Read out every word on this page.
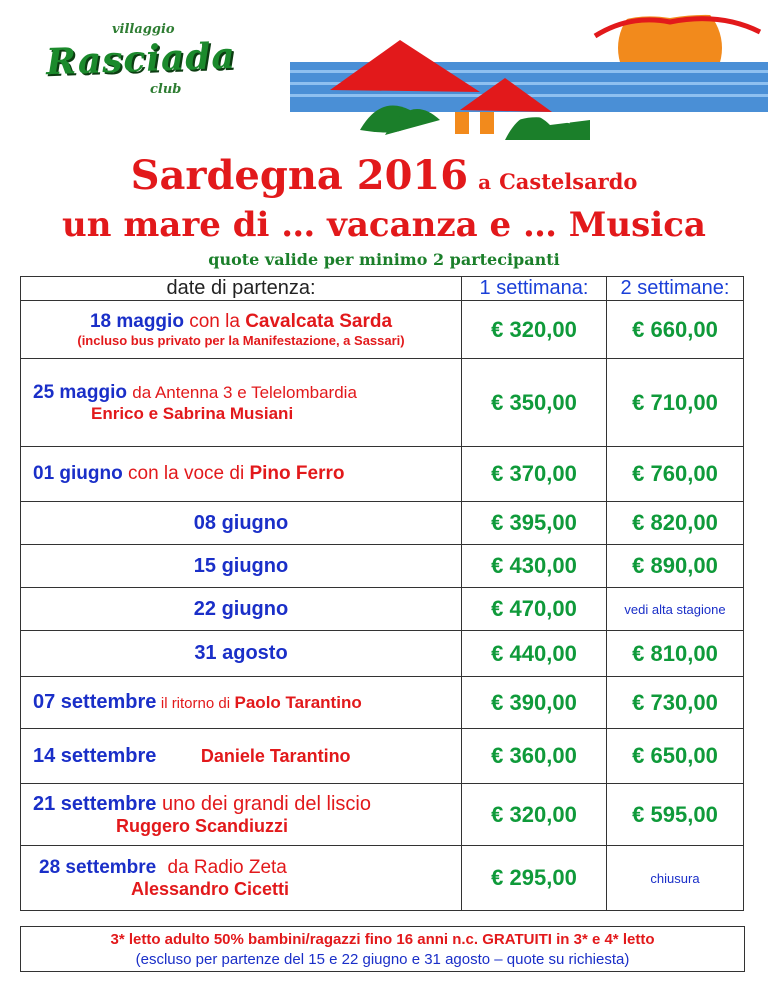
villaggio
Rasciada
club
Sardegna 2016 a Castelsardo
un mare di … vacanza e … Musica
quote valide per minimo 2 partecipanti
date di partenza:	1 settimana:	2 settimane:

18 maggio con la Cavalcata Sarda
(incluso bus privato per la Manifestazione, a Sassari)	€ 320,00	€ 660,00

25 maggio da Antenna 3 e Telelombardia
Enrico e Sabrina Musiani	€ 350,00	€ 710,00
01 giugno con la voce di Pino Ferro	€ 370,00	€ 760,00
08 giugno	€ 395,00	€ 820,00
15 giugno	€ 430,00	€ 890,00
22 giugno	€ 470,00	vedi alta stagione
31 agosto	€ 440,00	€ 810,00
07 settembre il ritorno di Paolo Tarantino	€ 390,00	€ 730,00
14 settembre Daniele Tarantino	€ 360,00	€ 650,00

21 settembre uno dei grandi del liscio
Ruggero Scandiuzzi	€ 320,00	€ 595,00

28 settembre da Radio Zeta
Alessandro Cicetti	€ 295,00	chiusura
3* letto adulto 50% bambini/ragazzi fino 16 anni n.c. GRATUITI in 3* e 4* letto
(escluso per partenze del 15 e 22 giugno e 31 agosto – quote su richiesta)
